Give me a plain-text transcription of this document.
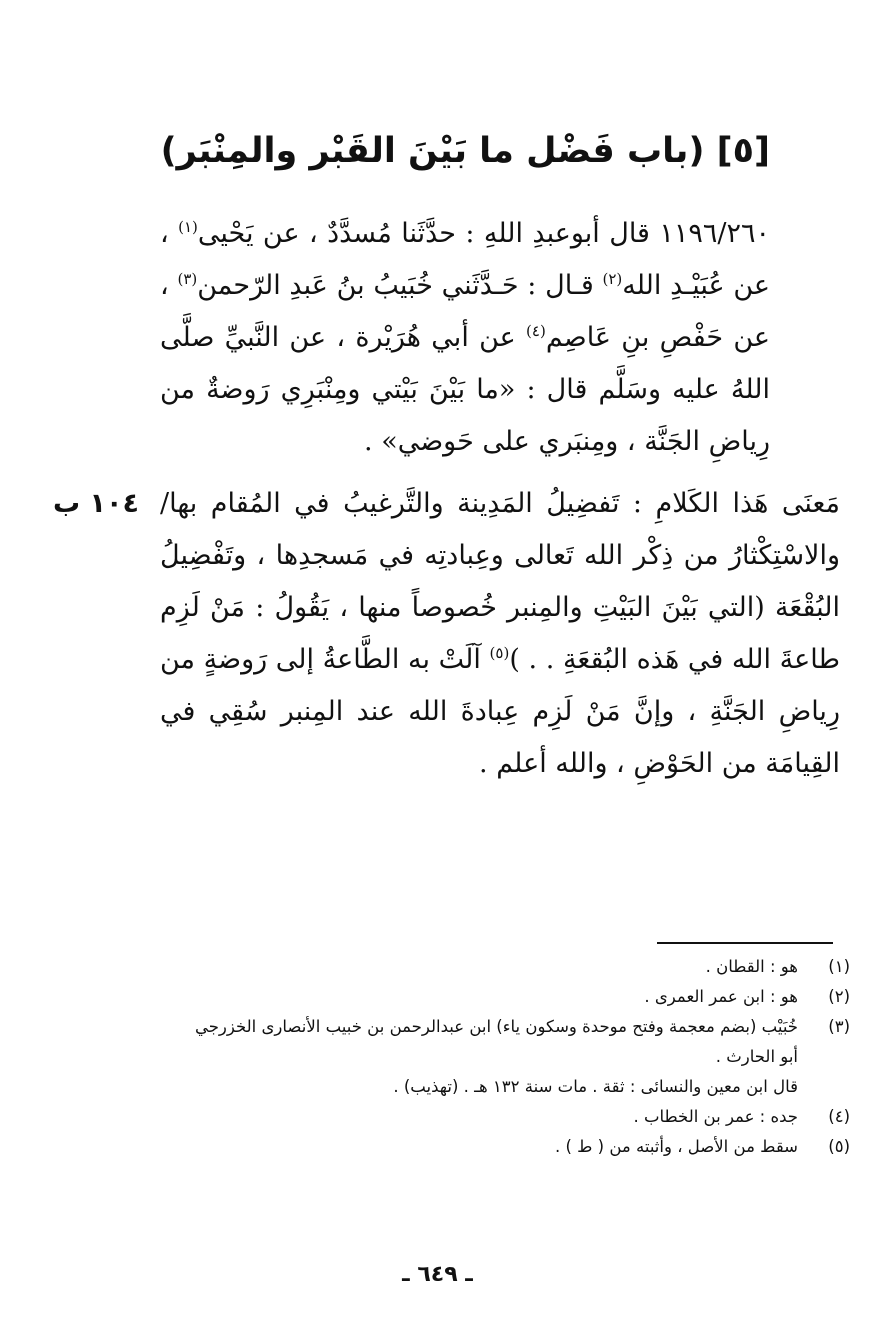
[٥] (باب فَضْل ما بَيْنَ القَبْر والمِنْبَر)
١١٩٦/٢٦٠ قال أبوعبدِ اللهِ : حدَّثَنا مُسدَّدٌ ، عن يَحْيى$^{(١)}$ ، عن عُبَيْـدِ الله$^{(٢)}$ قـال : حَـدَّثَني خُبَيبُ بنُ عَبدِ الرّحمن$^{(٣)}$ ، عن حَفْصِ بنِ عَاصِم$^{(٤)}$ عن أبي هُرَيْرة ، عن النَّبيِّ صلَّى اللهُ عليه وسَلَّم قال : «ما بَيْنَ بَيْتي ومِنْبَرِي رَوضةٌ من رِياضِ الجَنَّة ، ومِنبَري على حَوضي» .
١٠٤ ب مَعنَى هَذا الكَلامِ : تَفضِيلُ المَدِينة والتَّرغيبُ في المُقام بها/ والاسْتِكْثارُ من ذِكْر الله تَعالى وعِبادتِه في مَسجدِها ، وتَفْضِيلُ البُقْعَة (التي بَيْنَ البَيْتِ والمِنبر خُصوصاً منها ، يَقُولُ : مَنْ لَزِم طاعةَ الله في هَذه البُقعَةِ . . )$^{(٥)}$ آلَتْ به الطَّاعةُ إلى رَوضةٍ من رِياضِ الجَنَّةِ ، وإنَّ مَنْ لَزِم عِبادةَ الله عند المِنبر سُقِي في القِيامَة من الحَوْضِ ، والله أعلم .
(١)
هو : القطان .
(٢)
هو : ابن عمر العمرى .
(٣)
خُبَيْب (بضم معجمة وفتح موحدة وسكون ياء) ابن عبدالرحمن بن خبيب الأنصارى الخزرجي أبو الحارث .
قال ابن معين والنسائى : ثقة . مات سنة ١٣٢ هـ . (تهذيب) .
(٤)
جده : عمر بن الخطاب .
(٥)
سقط من الأصل ، وأثبته من ( ط ) .
ـ ٦٤٩ ـ
